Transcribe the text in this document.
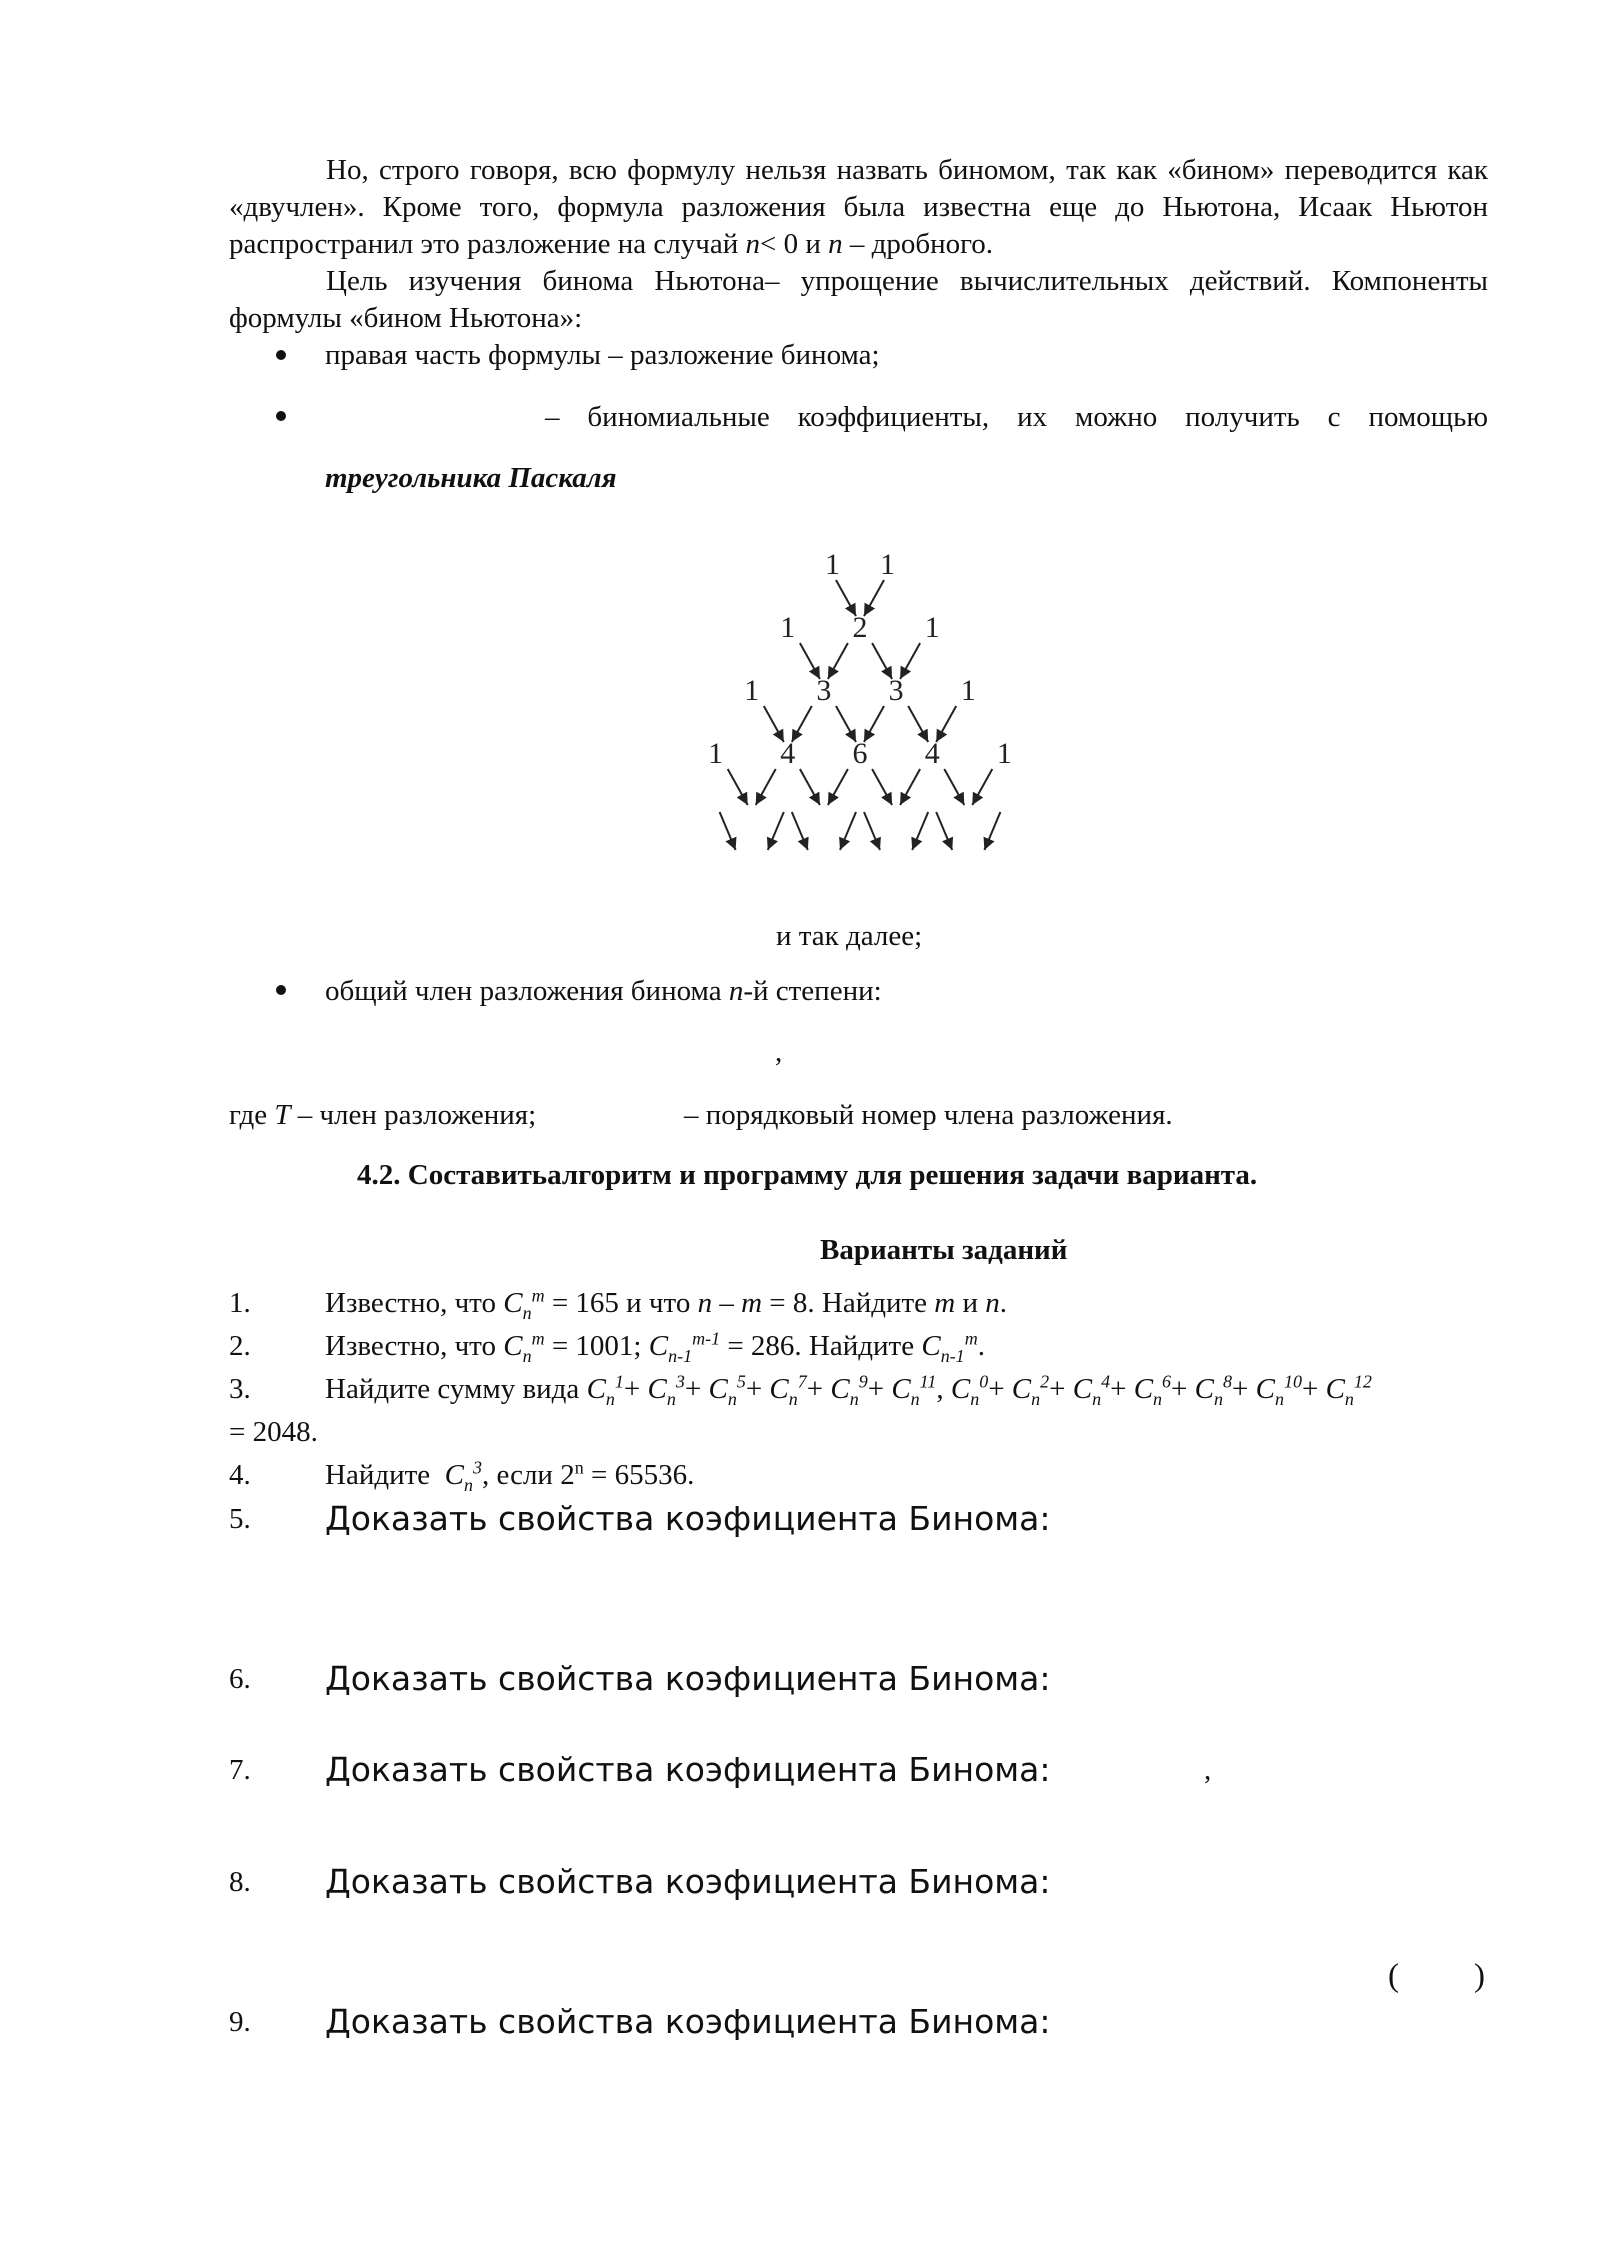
Но, строго говоря, всю формулу нельзя назвать биномом, так как «бином» переводится как «двучлен». Кроме того, формула разложения была известна еще до Ньютона, Исаак Ньютон распространил это разложение на случай n< 0 и n – дробного.
Цель изучения бинома Ньютона– упрощение вычислительных действий. Компоненты формулы «бином Ньютона»:
правая часть формулы – разложение бинома;
– биномиальные коэффициенты, их можно получить с помощью
треугольника Паскаля
1 1
1 2 1
1 3 3 1
1 4 6 4 1
и так далее;
общий член разложения бинома n-й степени:
,
где T – член разложения;	– порядковый номер члена разложения.
4.2. Составитьалгоритм и программу для решения задачи варианта.
Варианты заданий
1.	Известно, что $C_n^m = 165$ и что n – m = 8. Найдите m и n.
2.	Известно, что $C_n^m = 1001$; $C_{n-1}^{m-1} = 286$. Найдите $C_{n-1}^m$.
3.	Найдите сумму вида $C_n^1+ C_n^3+ C_n^5+ C_n^7+ C_n^9+ C_n^{11}$, $C_n^0+ C_n^2+ C_n^4+ C_n^6+ C_n^8+ C_n^{10}+ C_n^{12}$
= 2048.
4.	Найдите $C_n^3$, если $2^n = 65536$.
5. Доказать свойства коэфициента Бинома:
6. Доказать свойства коэфициента Бинома:
7. Доказать свойства коэфициента Бинома:	,
8. Доказать свойства коэфициента Бинома:
( )
9. Доказать свойства коэфициента Бинома:
